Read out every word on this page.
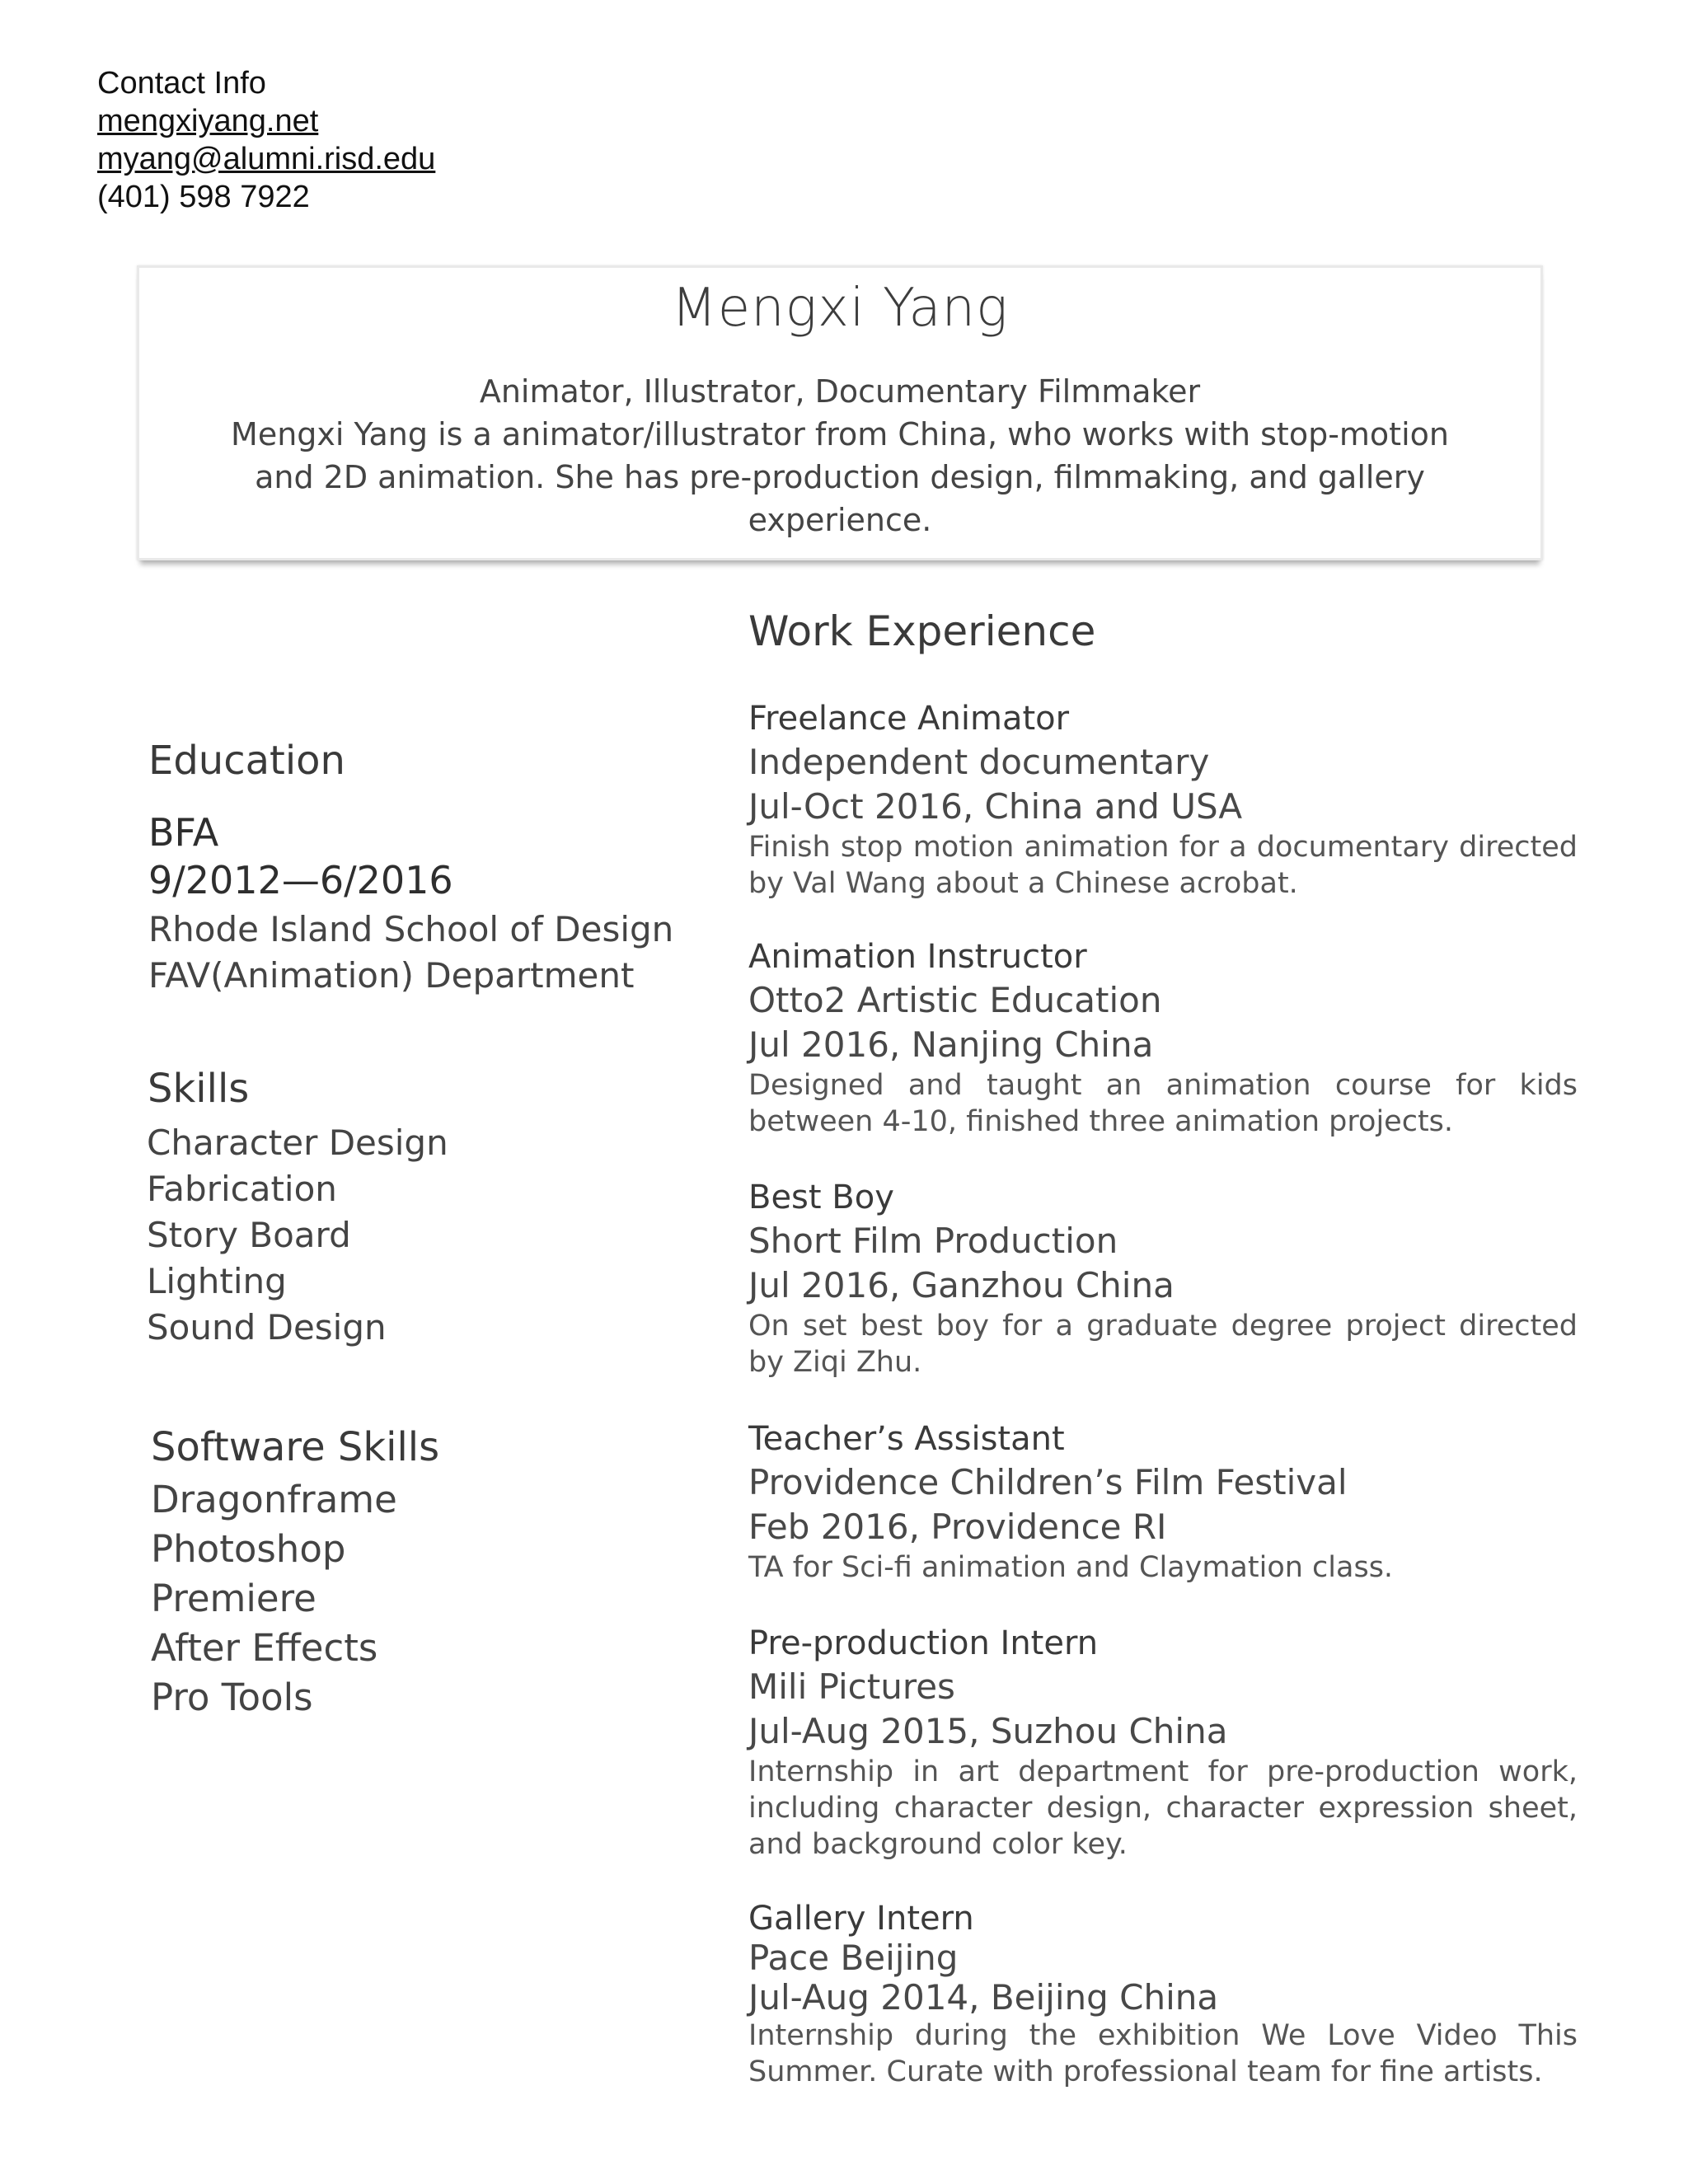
Contact Info
mengxiyang.net
myang@alumni.risd.edu
(401) 598 7922
Mengxi Yang
Animator, Illustrator, Documentary Filmmaker
Mengxi Yang is a animator/illustrator from China, who works with stop-motion and 2D animation. She has pre-production design, filmmaking, and gallery experience.
Education
BFA
9/2012—6/2016
Rhode Island School of Design
FAV(Animation) Department
Skills
Character Design
Fabrication
Story Board
Lighting
Sound Design
Software Skills
Dragonframe
Photoshop
Premiere
After Effects
Pro Tools
Work Experience
Freelance Animator
Independent documentary
Jul-Oct 2016, China and USA
Finish stop motion animation for a documentary directed by Val Wang about a Chinese acrobat.
Animation Instructor
Otto2 Artistic Education
Jul 2016, Nanjing China
Designed and taught an animation course for kids between 4-10, finished three animation projects.
Best Boy
Short Film Production
Jul 2016, Ganzhou China
On set best boy for a graduate degree project directed by Ziqi Zhu.
Teacher’s Assistant
Providence Children’s Film Festival
Feb 2016, Providence RI
TA for Sci-fi animation and Claymation class.
Pre-production Intern
Mili Pictures
Jul-Aug 2015, Suzhou China
Internship in art department for pre-production work, including character design, character expression sheet, and background color key.
Gallery Intern
Pace Beijing
Jul-Aug 2014, Beijing China
Internship during the exhibition We Love Video This Summer. Curate with professional team for fine artists.
